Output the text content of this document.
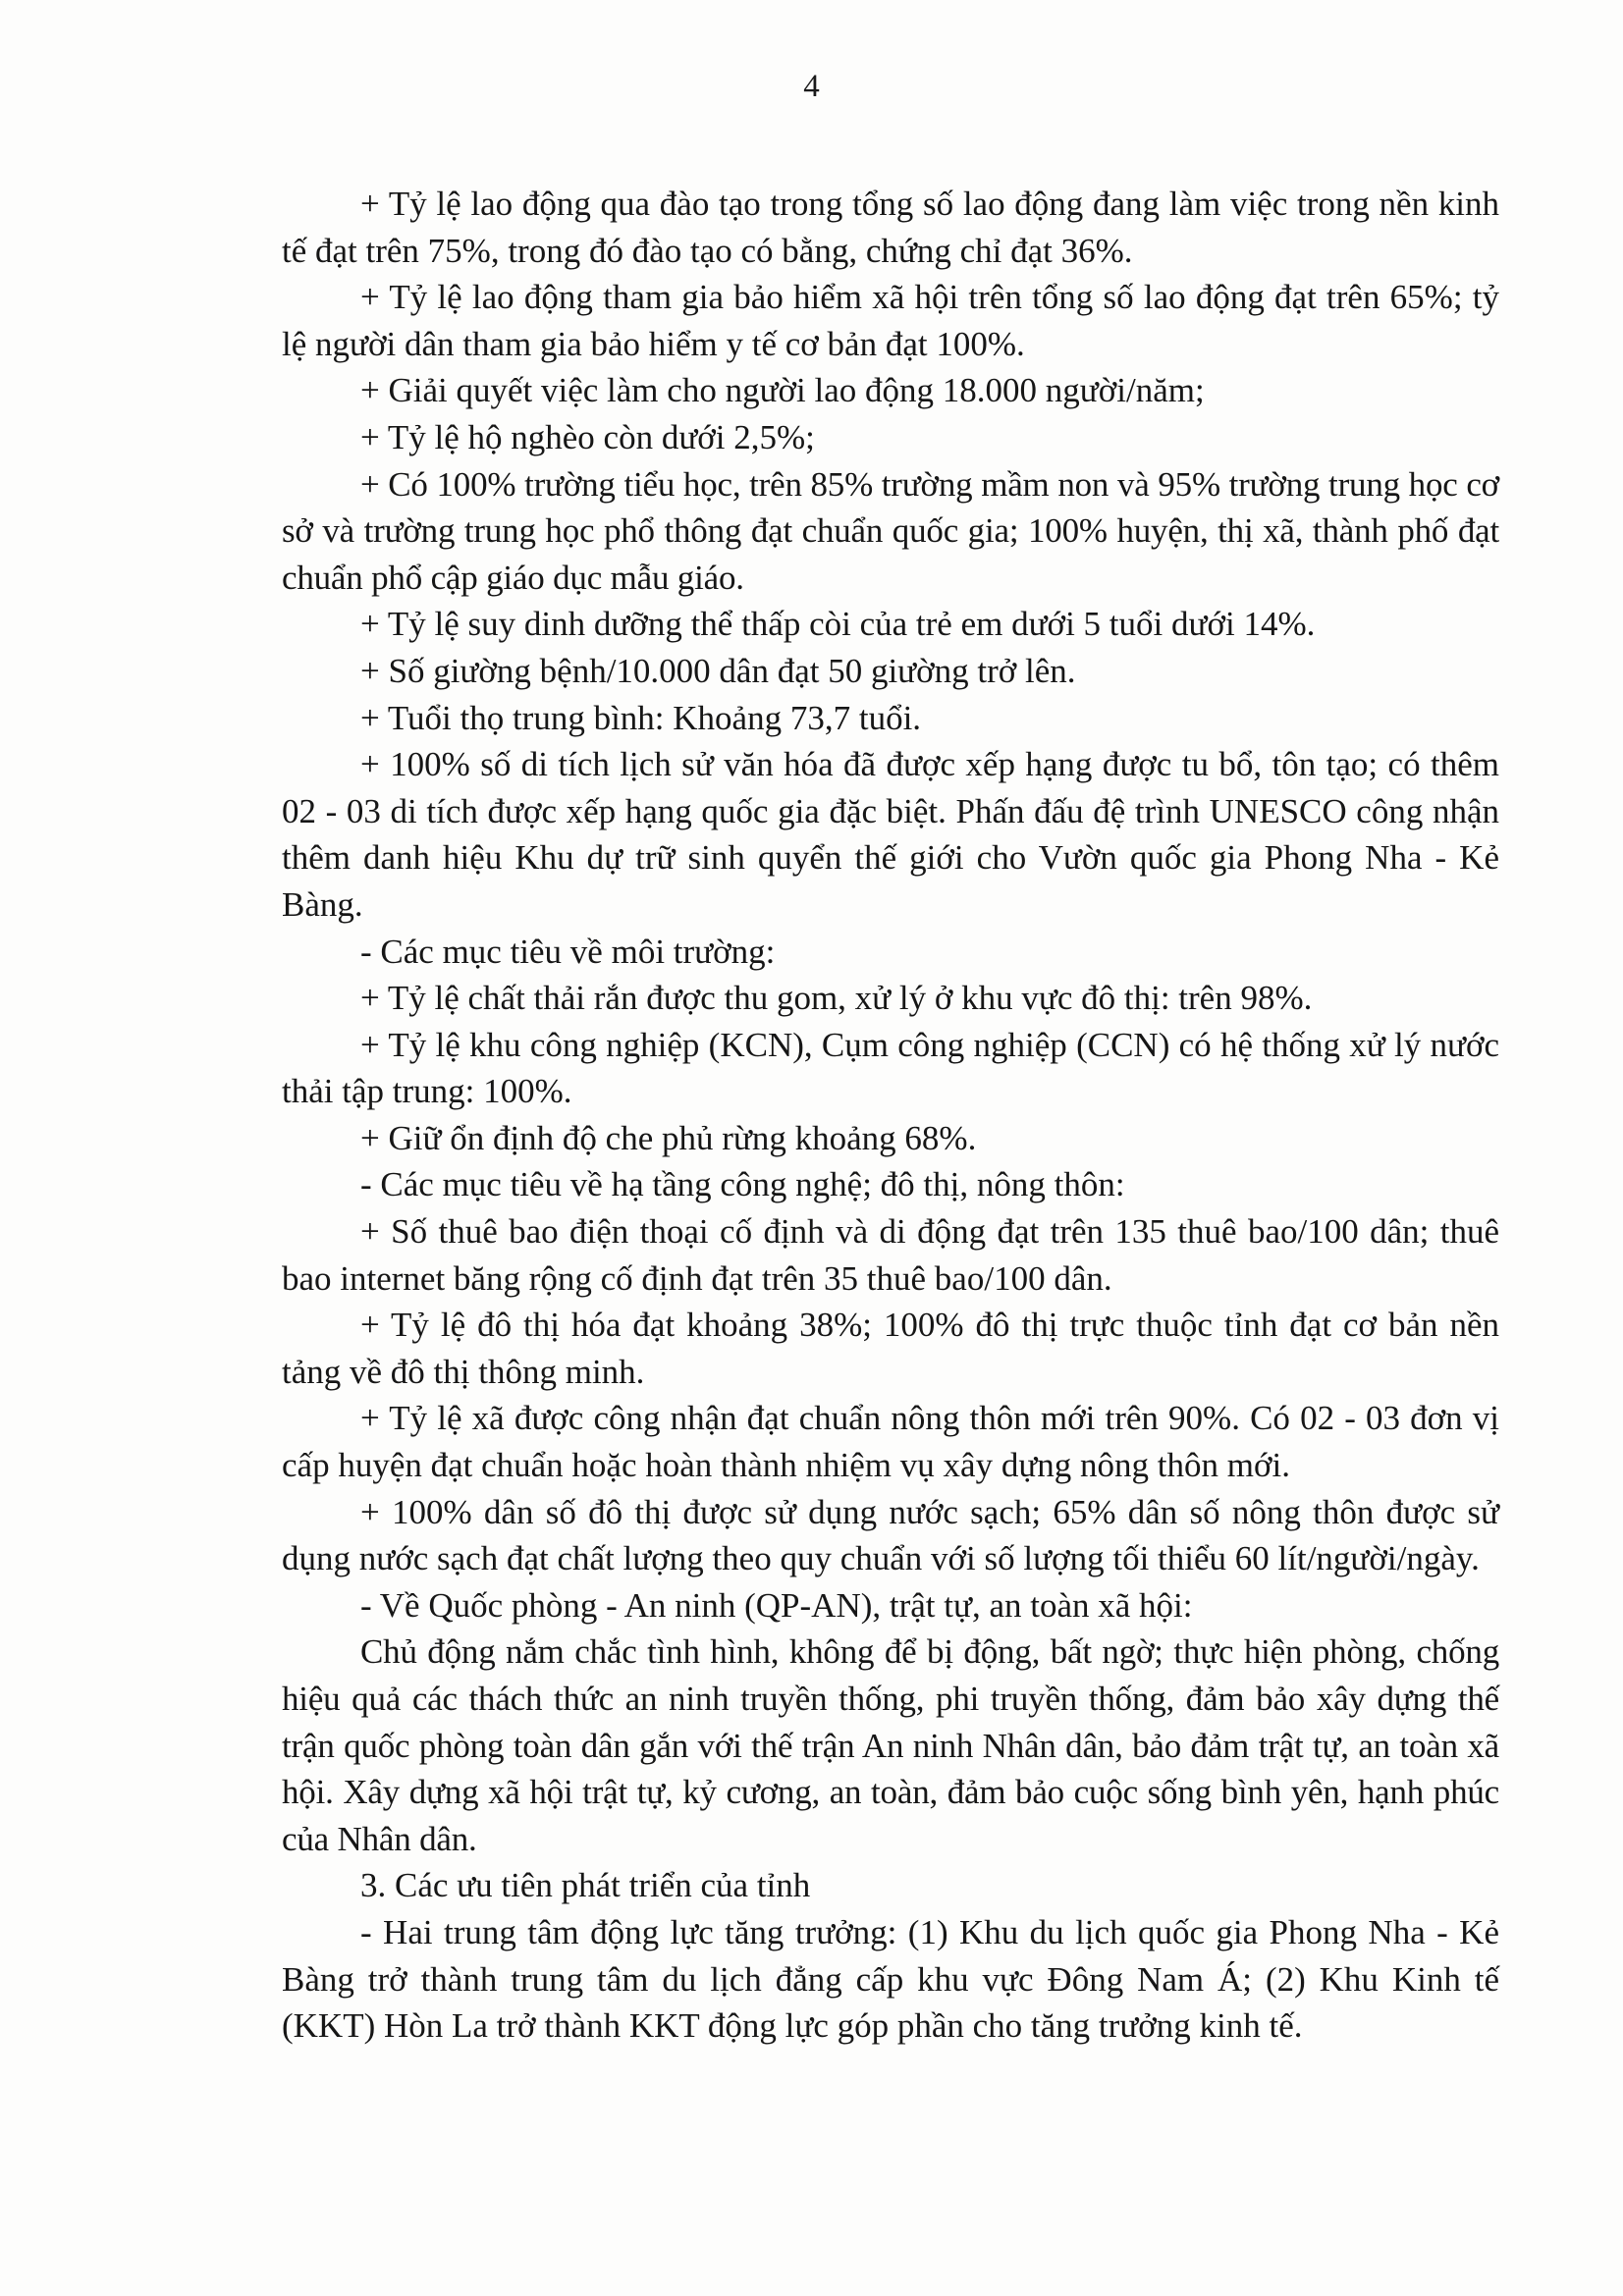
4

+ Tỷ lệ lao động qua đào tạo trong tổng số lao động đang làm việc trong nền kinh tế đạt trên 75%, trong đó đào tạo có bằng, chứng chỉ đạt 36%.

+ Tỷ lệ lao động tham gia bảo hiểm xã hội trên tổng số lao động đạt trên 65%; tỷ lệ người dân tham gia bảo hiểm y tế cơ bản đạt 100%.

+ Giải quyết việc làm cho người lao động 18.000 người/năm;

+ Tỷ lệ hộ nghèo còn dưới 2,5%;

+ Có 100% trường tiểu học, trên 85% trường mầm non và 95% trường trung học cơ sở và trường trung học phổ thông đạt chuẩn quốc gia; 100% huyện, thị xã, thành phố đạt chuẩn phổ cập giáo dục mẫu giáo.

+ Tỷ lệ suy dinh dưỡng thể thấp còi của trẻ em dưới 5 tuổi dưới 14%.

+ Số giường bệnh/10.000 dân đạt 50 giường trở lên.

+ Tuổi thọ trung bình: Khoảng 73,7 tuổi.

+ 100% số di tích lịch sử văn hóa đã được xếp hạng được tu bổ, tôn tạo; có thêm 02 - 03 di tích được xếp hạng quốc gia đặc biệt. Phấn đấu đệ trình UNESCO công nhận thêm danh hiệu Khu dự trữ sinh quyển thế giới cho Vườn quốc gia Phong Nha - Kẻ Bàng.

- Các mục tiêu về môi trường:

+ Tỷ lệ chất thải rắn được thu gom, xử lý ở khu vực đô thị: trên 98%.

+ Tỷ lệ khu công nghiệp (KCN), Cụm công nghiệp (CCN) có hệ thống xử lý nước thải tập trung: 100%.

+ Giữ ổn định độ che phủ rừng khoảng 68%.

- Các mục tiêu về hạ tầng công nghệ; đô thị, nông thôn:

+ Số thuê bao điện thoại cố định và di động đạt trên 135 thuê bao/100 dân; thuê bao internet băng rộng cố định đạt trên 35 thuê bao/100 dân.

+ Tỷ lệ đô thị hóa đạt khoảng 38%; 100% đô thị trực thuộc tỉnh đạt cơ bản nền tảng về đô thị thông minh.

+ Tỷ lệ xã được công nhận đạt chuẩn nông thôn mới trên 90%. Có 02 - 03 đơn vị cấp huyện đạt chuẩn hoặc hoàn thành nhiệm vụ xây dựng nông thôn mới.

+ 100% dân số đô thị được sử dụng nước sạch; 65% dân số nông thôn được sử dụng nước sạch đạt chất lượng theo quy chuẩn với số lượng tối thiểu 60 lít/người/ngày.

- Về Quốc phòng - An ninh (QP-AN), trật tự, an toàn xã hội:

Chủ động nắm chắc tình hình, không để bị động, bất ngờ; thực hiện phòng, chống hiệu quả các thách thức an ninh truyền thống, phi truyền thống, đảm bảo xây dựng thế trận quốc phòng toàn dân gắn với thế trận An ninh Nhân dân, bảo đảm trật tự, an toàn xã hội. Xây dựng xã hội trật tự, kỷ cương, an toàn, đảm bảo cuộc sống bình yên, hạnh phúc của Nhân dân.

3. Các ưu tiên phát triển của tỉnh

- Hai trung tâm động lực tăng trưởng: (1) Khu du lịch quốc gia Phong Nha - Kẻ Bàng trở thành trung tâm du lịch đẳng cấp khu vực Đông Nam Á; (2) Khu Kinh tế (KKT) Hòn La trở thành KKT động lực góp phần cho tăng trưởng kinh tế.
